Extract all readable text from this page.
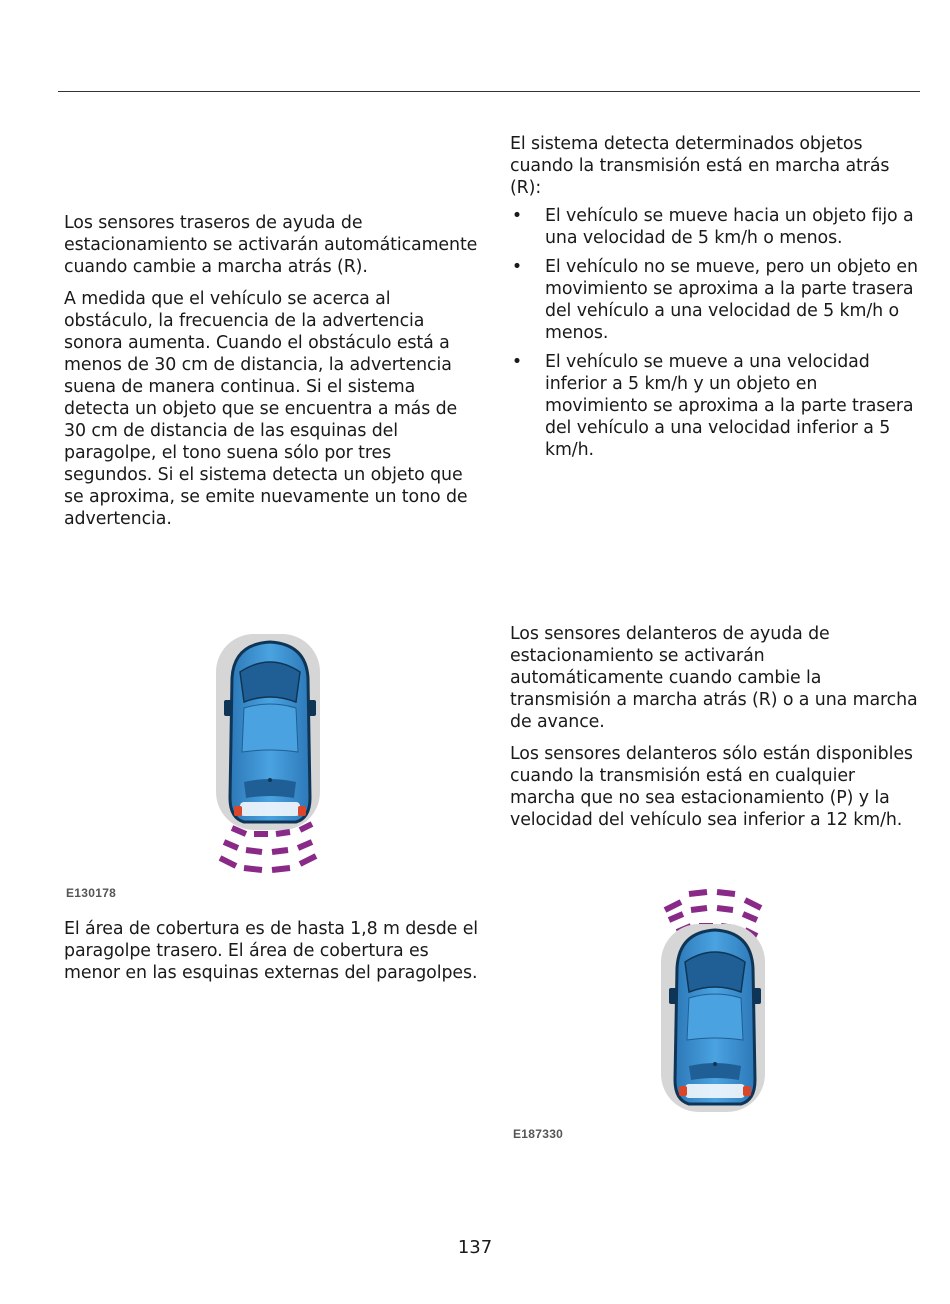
Los sensores traseros de ayuda de estacionamiento se activarán automáticamente cuando cambie a marcha atrás (R).

A medida que el vehículo se acerca al obstáculo, la frecuencia de la advertencia sonora aumenta. Cuando el obstáculo está a menos de 30 cm de distancia, la advertencia suena de manera continua. Si el sistema detecta un objeto que se encuentra a más de 30 cm de distancia de las esquinas del paragolpe, el tono suena sólo por tres segundos. Si el sistema detecta un objeto que se aproxima, se emite nuevamente un tono de advertencia.

El sistema detecta determinados objetos cuando la transmisión está en marcha atrás (R):

• El vehículo se mueve hacia un objeto fijo a una velocidad de 5 km/h o menos.
• El vehículo no se mueve, pero un objeto en movimiento se aproxima a la parte trasera del vehículo a una velocidad de 5 km/h o menos.
• El vehículo se mueve a una velocidad inferior a 5 km/h y un objeto en movimiento se aproxima a la parte trasera del vehículo a una velocidad inferior a 5 km/h.
E130178

El área de cobertura es de hasta 1,8 m desde el paragolpe trasero. El área de cobertura es menor en las esquinas externas del paragolpes.

Los sensores delanteros de ayuda de estacionamiento se activarán automáticamente cuando cambie la transmisión a marcha atrás (R) o a una marcha de avance.

Los sensores delanteros sólo están disponibles cuando la transmisión está en cualquier marcha que no sea estacionamiento (P) y la velocidad del vehículo sea inferior a 12 km/h.

E187330
137
